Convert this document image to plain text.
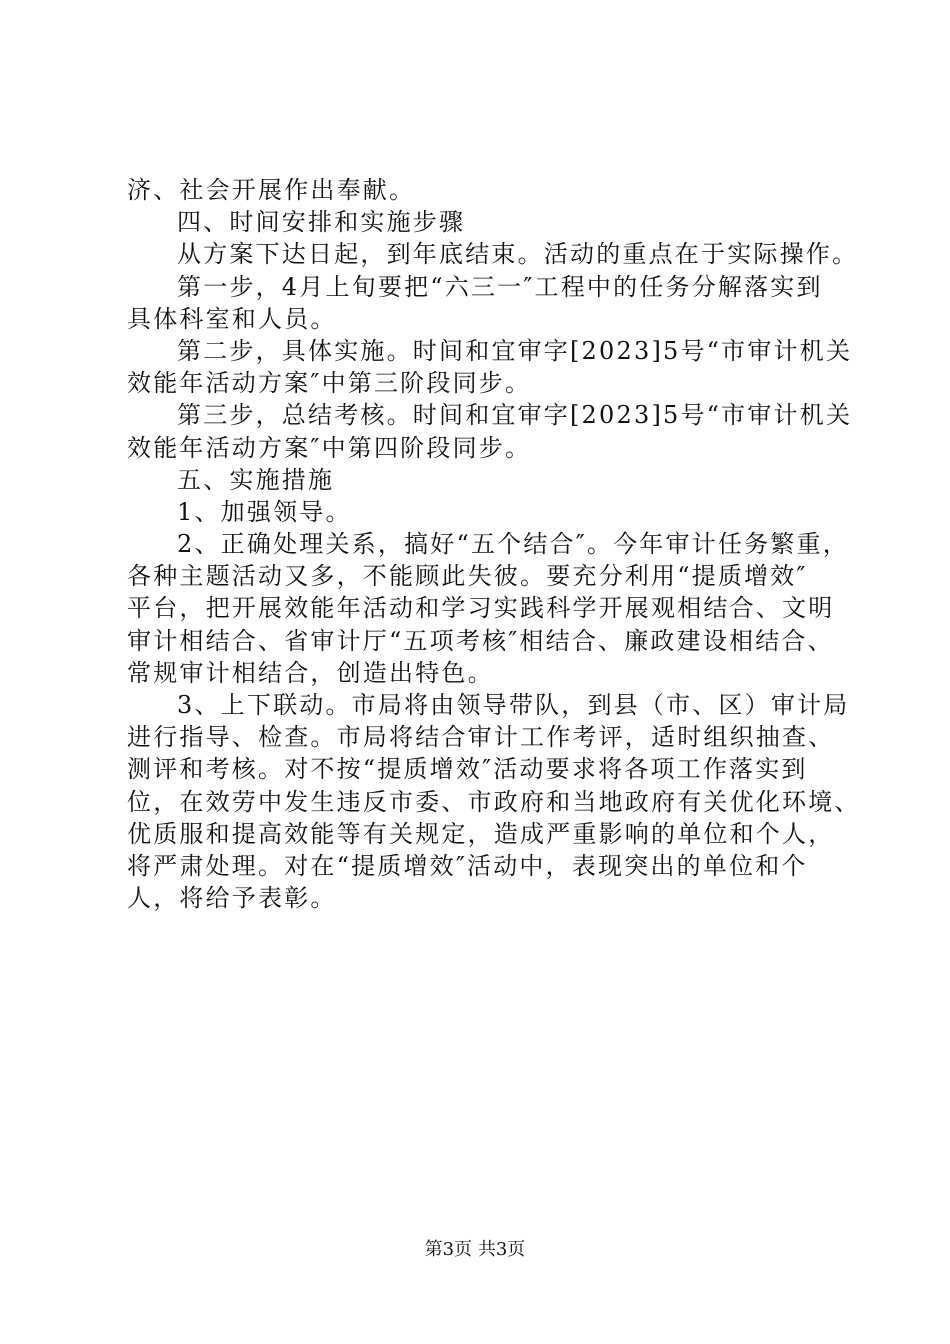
济、社会开展作出奉献。
四、时间安排和实施步骤
从方案下达日起，到年底结束。活动的重点在于实际操作。
第一步，4月上旬要把“六三一″工程中的任务分解落实到
具体科室和人员。
第二步，具体实施。时间和宜审字[2023]5号“市审计机关
效能年活动方案″中第三阶段同步。
第三步，总结考核。时间和宜审字[2023]5号“市审计机关
效能年活动方案″中第四阶段同步。
五、实施措施
1、加强领导。
2、正确处理关系，搞好“五个结合″。今年审计任务繁重，
各种主题活动又多，不能顾此失彼。要充分利用“提质增效″
平台，把开展效能年活动和学习实践科学开展观相结合、文明
审计相结合、省审计厅“五项考核″相结合、廉政建设相结合、
常规审计相结合，创造出特色。
3、上下联动。市局将由领导带队，到县（市、区）审计局
进行指导、检查。市局将结合审计工作考评，适时组织抽查、
测评和考核。对不按“提质增效″活动要求将各项工作落实到
位，在效劳中发生违反市委、市政府和当地政府有关优化环境、
优质服和提高效能等有关规定，造成严重影响的单位和个人，
将严肃处理。对在“提质增效″活动中，表现突出的单位和个
人，将给予表彰。
第3页 共3页
